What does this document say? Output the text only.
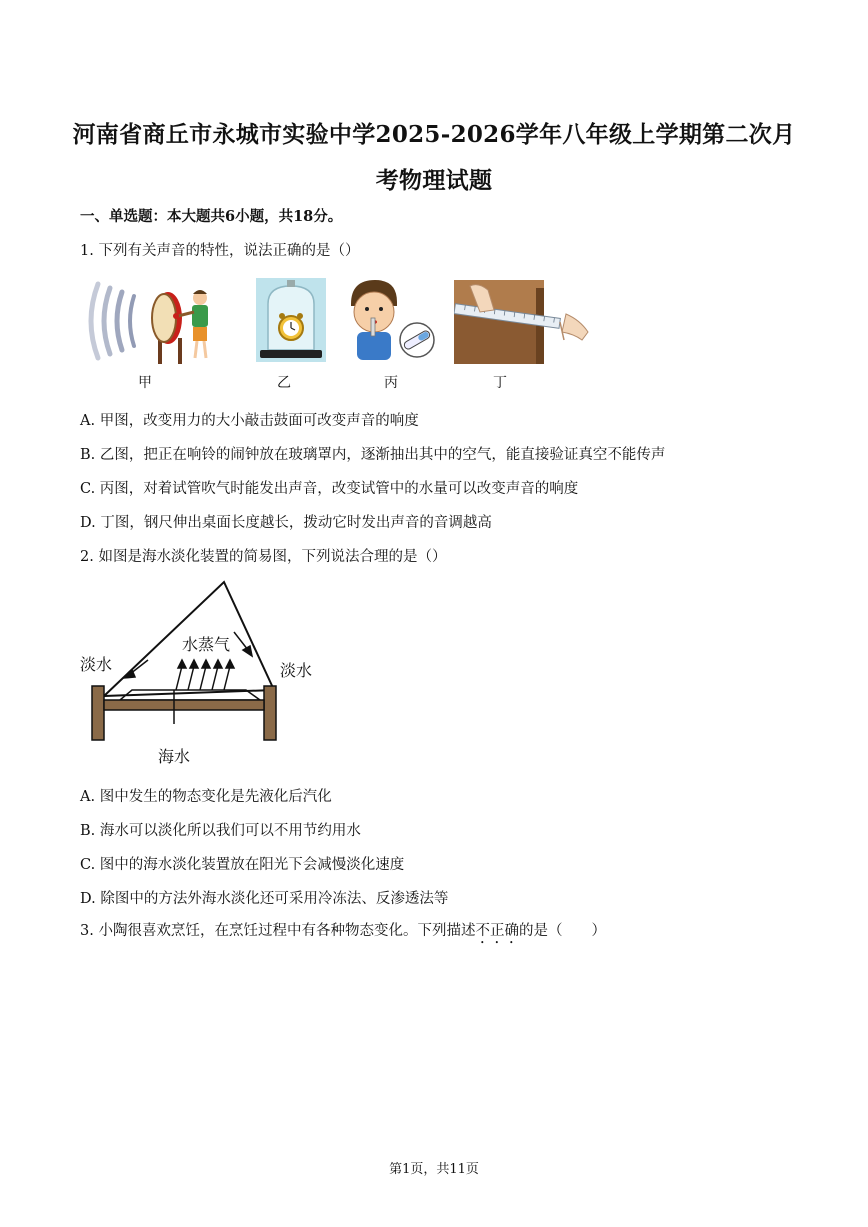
河南省商丘市永城市实验中学2025-2026学年八年级上学期第二次月
考物理试题
一、单选题：本大题共6小题，共18分。
1. 下列有关声音的特性，说法正确的是（）
甲	乙	丙	丁
A. 甲图，改变用力的大小敲击鼓面可改变声音的响度
B. 乙图，把正在响铃的闹钟放在玻璃罩内，逐渐抽出其中的空气，能直接验证真空不能传声
C. 丙图，对着试管吹气时能发出声音，改变试管中的水量可以改变声音的响度
D. 丁图，钢尺伸出桌面长度越长，拨动它时发出声音的音调越高
2. 如图是海水淡化装置的简易图，下列说法合理的是（）
水蒸气
淡水	淡水
海水
A. 图中发生的物态变化是先液化后汽化
B. 海水可以淡化所以我们可以不用节约用水
C. 图中的海水淡化装置放在阳光下会减慢淡化速度
D. 除图中的方法外海水淡化还可采用冷冻法、反渗透法等
3. 小陶很喜欢烹饪，在烹饪过程中有各种物态变化。下列描述不正确的是（　　）
第1页，共11页
